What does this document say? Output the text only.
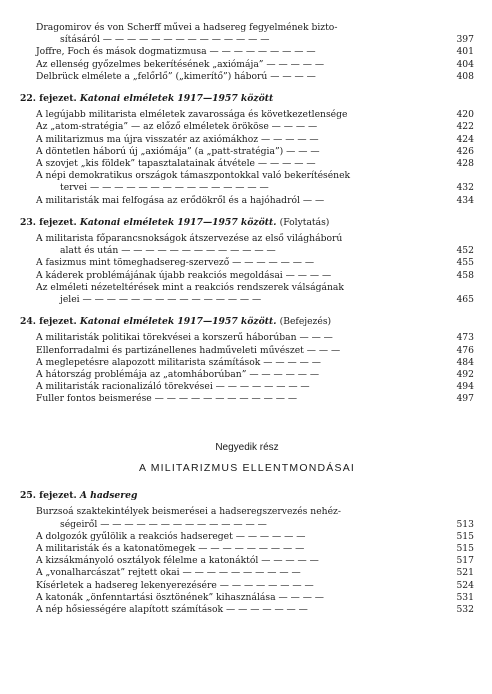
Dragomirov és von Scherff művei a hadsereg fegyelmének bizto-
sításáról — — — — — — — — — — — — — —	397
Joffre, Foch és mások dogmatizmusa — — — — — — — — —	401
Az ellenség győzelmes bekerítésének „axiómája” — — — — —	404
Delbrück elmélete a „felőrlő” („kimerítő”) háború — — — —	408
22. fejezet. Katonai elméletek 1917—1957 között
A legújabb militarista elméletek zavarossága és következetlensége	420
Az „atom-stratégia” — az előző elméletek örököse — — — —	422
A militarizmus ma újra visszatér az axiómákhoz — — — — —	424
A döntetlen háború új „axiómája” (a „patt-stratégia”) — — —	426
A szovjet „kis földek” tapasztalatainak átvétele — — — — —	428
A népi demokratikus országok támaszpontokkal való bekerítésének
tervei — — — — — — — — — — — — — — —	432
A militaristák mai felfogása az erődökről és a hajóhadról — —	434
23. fejezet. Katonai elméletek 1917—1957 között. (Folytatás)
A militarista főparancsnokságok átszervezése az első világháború
alatt és után — — — — — — — — — — — — —	452
A fasizmus mint tömeghadsereg-szervező — — — — — — —	455
A káderek problémájának újabb reakciós megoldásai — — — —	458
Az elméleti nézeteltérések mint a reakciós rendszerek válságának
jelei — — — — — — — — — — — — — — —	465
24. fejezet. Katonai elméletek 1917—1957 között. (Befejezés)
A militaristák politikai törekvései a korszerű háborúban — — —	473
Ellenforradalmi és partizánellenes hadműveleti művészet — — —	476
A meglepetésre alapozott militarista számítások — — — — —	484
A hátország problémája az „atomháborúban” — — — — — —	492
A militaristák racionalizáló törekvései — — — — — — — —	494
Fuller fontos beismerése — — — — — — — — — — — —	497
Negyedik rész
A MILITARIZMUS ELLENTMONDÁSAI
25. fejezet. A hadsereg
Burzsoá szaktekintélyek beismerései a hadseregszervezés nehéz-
ségeiről — — — — — — — — — — — — — —	513
A dolgozók gyűlölik a reakciós hadsereget — — — — — —	515
A militaristák és a katonatömegek — — — — — — — — —	515
A kizsákmányoló osztályok félelme a katonáktól — — — — —	517
A „vonalharcászat” rejtett okai — — — — — — — — — —	521
Kísérletek a hadsereg lekenyerezésére — — — — — — — —	524
A katonák „önfenntartási ösztönének” kihasználása — — — —	531
A nép hősiességére alapított számítások — — — — — — —	532
